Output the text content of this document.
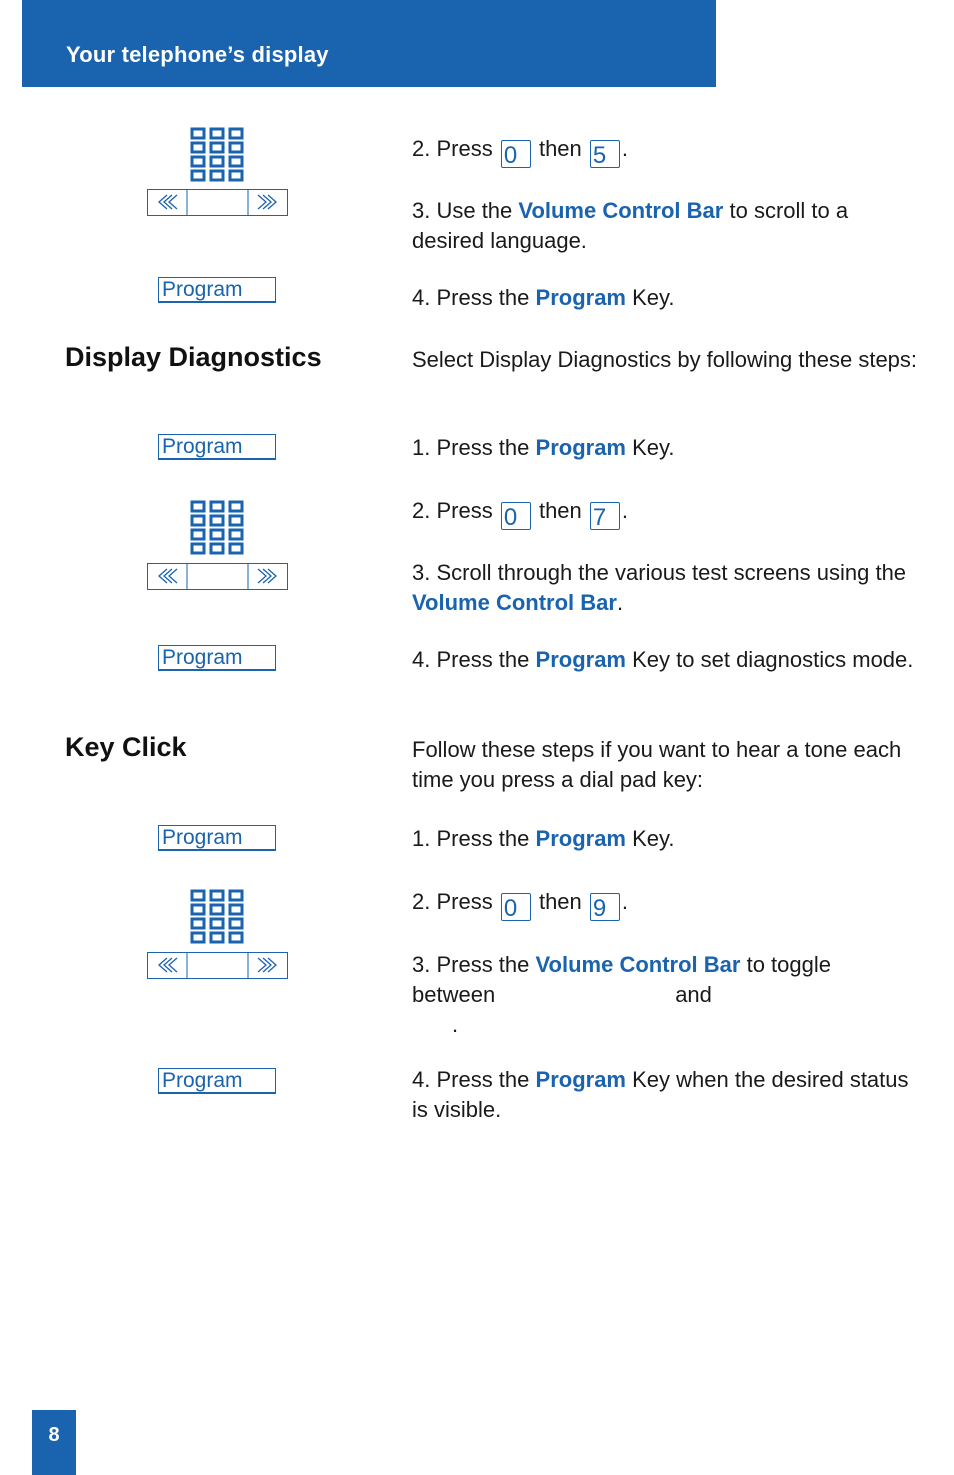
Your telephone’s display
2. Press 0 then 5 .
3. Use the Volume Control Bar to scroll to a desired language.
Program	4. Press the Program Key.
Display Diagnostics	Select Display Diagnostics by following these steps:
Program	1. Press the Program Key.
2. Press 0 then 7 .
3. Scroll through the various test screens using the Volume Control Bar.
Program	4. Press the Program Key to set diagnostics mode.
Key Click	Follow these steps if you want to hear a tone each time you press a dial pad key:
Program	1. Press the Program Key.
2. Press 0 then 9 .
3. Press the Volume Control Bar to toggle
between	and
.
Program	4. Press the Program Key when the desired status is visible.
8
